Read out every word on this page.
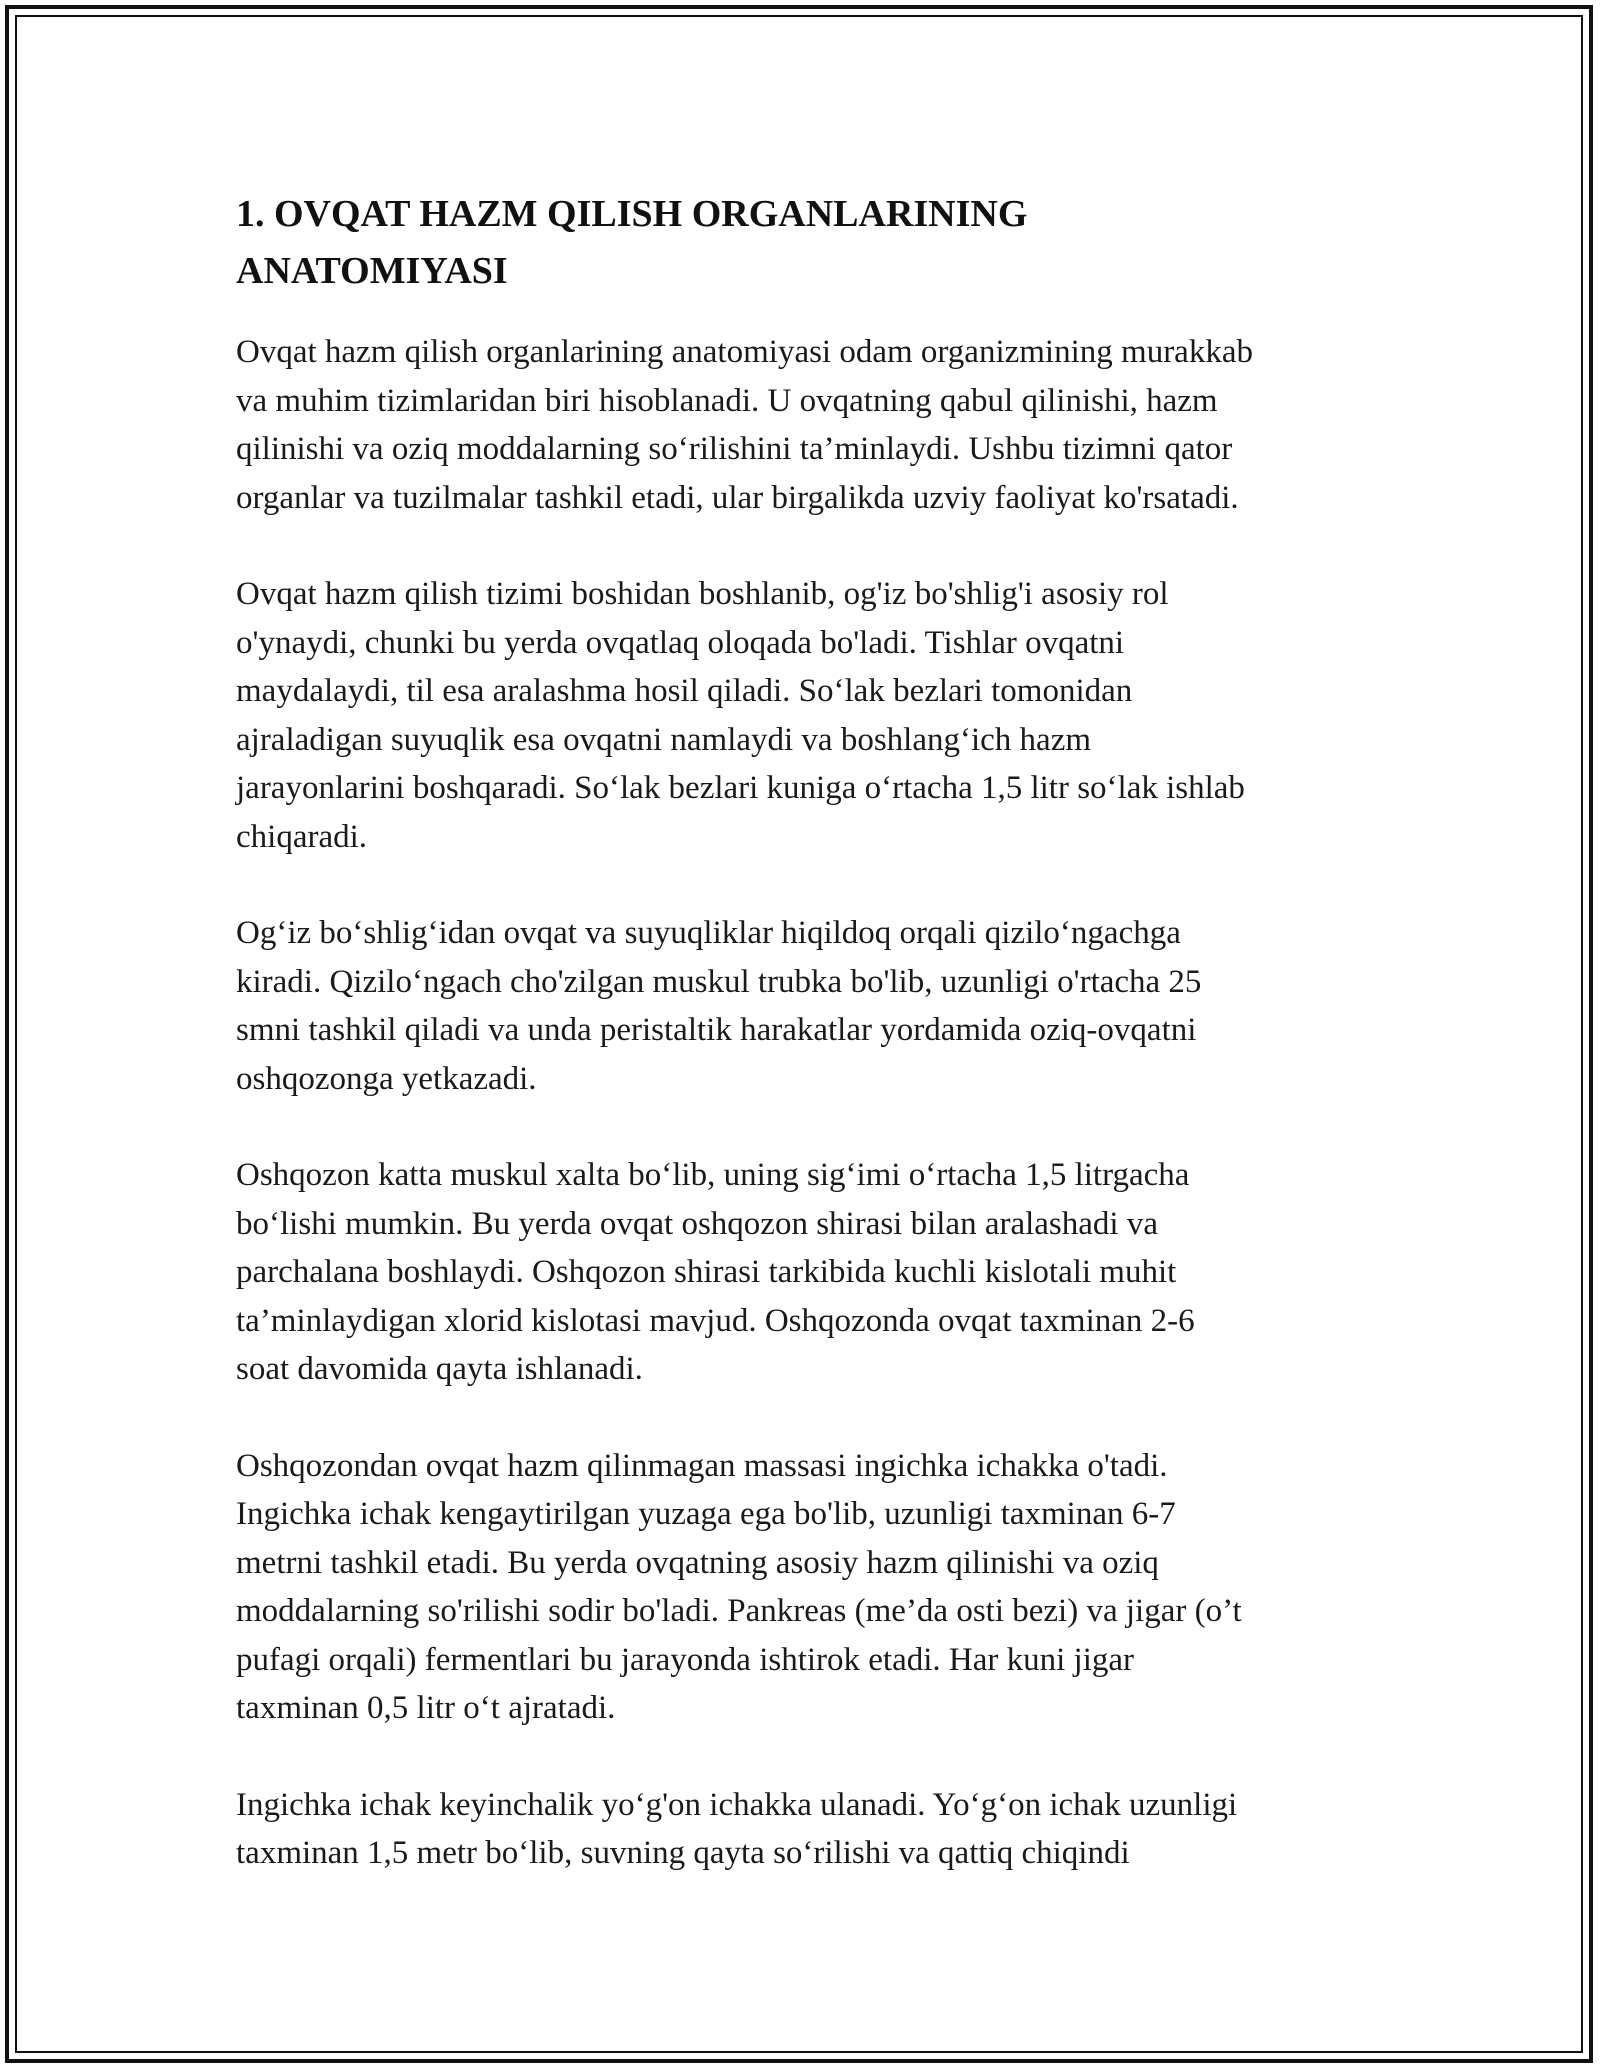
1. OVQAT HAZM QILISH ORGANLARINING
ANATOMIYASI

Ovqat hazm qilish organlarining anatomiyasi odam organizmining murakkab
va muhim tizimlaridan biri hisoblanadi. U ovqatning qabul qilinishi, hazm
qilinishi va oziq moddalarning so‘rilishini ta’minlaydi. Ushbu tizimni qator
organlar va tuzilmalar tashkil etadi, ular birgalikda uzviy faoliyat ko'rsatadi.

Ovqat hazm qilish tizimi boshidan boshlanib, og'iz bo'shlig'i asosiy rol
o'ynaydi, chunki bu yerda ovqatlaq oloqada bo'ladi. Tishlar ovqatni
maydalaydi, til esa aralashma hosil qiladi. So‘lak bezlari tomonidan
ajraladigan suyuqlik esa ovqatni namlaydi va boshlang‘ich hazm
jarayonlarini boshqaradi. So‘lak bezlari kuniga o‘rtacha 1,5 litr so‘lak ishlab
chiqaradi.

Og‘iz bo‘shlig‘idan ovqat va suyuqliklar hiqildoq orqali qizilo‘ngachga
kiradi. Qizilo‘ngach cho'zilgan muskul trubka bo'lib, uzunligi o'rtacha 25
smni tashkil qiladi va unda peristaltik harakatlar yordamida oziq-ovqatni
oshqozonga yetkazadi.

Oshqozon katta muskul xalta bo‘lib, uning sig‘imi o‘rtacha 1,5 litrgacha
bo‘lishi mumkin. Bu yerda ovqat oshqozon shirasi bilan aralashadi va
parchalana boshlaydi. Oshqozon shirasi tarkibida kuchli kislotali muhit
ta’minlaydigan xlorid kislotasi mavjud. Oshqozonda ovqat taxminan 2-6
soat davomida qayta ishlanadi.

Oshqozondan ovqat hazm qilinmagan massasi ingichka ichakka o'tadi.
Ingichka ichak kengaytirilgan yuzaga ega bo'lib, uzunligi taxminan 6-7
metrni tashkil etadi. Bu yerda ovqatning asosiy hazm qilinishi va oziq
moddalarning so'rilishi sodir bo'ladi. Pankreas (me’da osti bezi) va jigar (o’t
pufagi orqali) fermentlari bu jarayonda ishtirok etadi. Har kuni jigar
taxminan 0,5 litr o‘t ajratadi.

Ingichka ichak keyinchalik yo‘g'on ichakka ulanadi. Yo‘g‘on ichak uzunligi
taxminan 1,5 metr bo‘lib, suvning qayta so‘rilishi va qattiq chiqindi
